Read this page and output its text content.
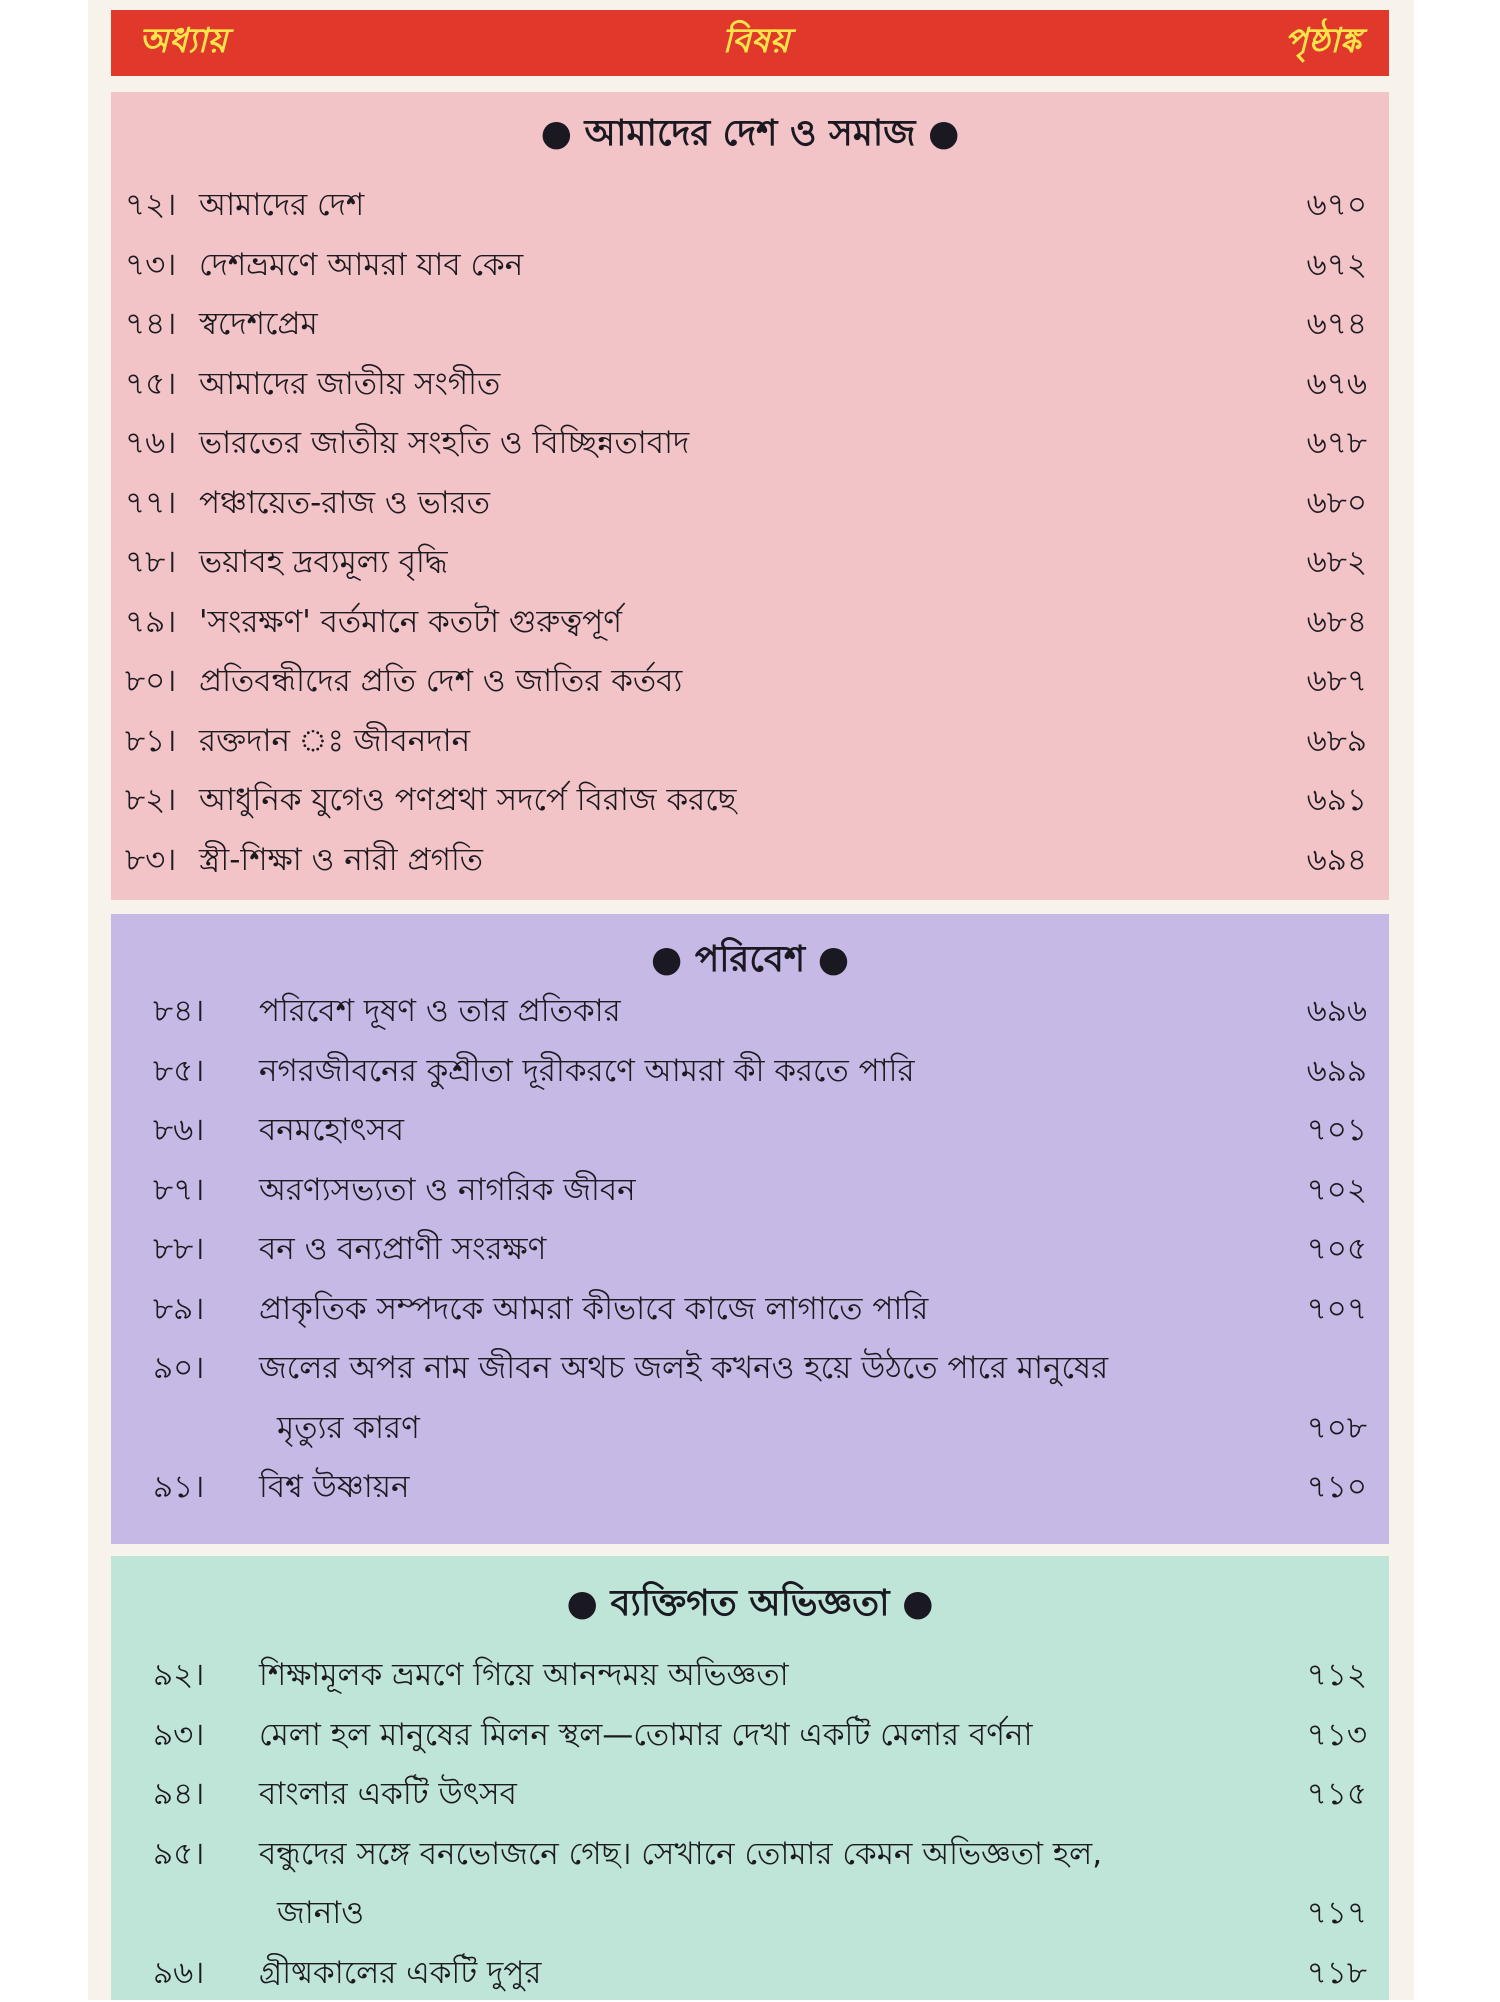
অধ্যায়	বিষয়	পৃষ্ঠাঙ্ক
● আমাদের দেশ ও সমাজ ●
৭২। আমাদের দেশ	৬৭০
৭৩। দেশভ্রমণে আমরা যাব কেন	৬৭২
৭৪। স্বদেশপ্রেম	৬৭৪
৭৫। আমাদের জাতীয় সংগীত	৬৭৬
৭৬। ভারতের জাতীয় সংহতি ও বিচ্ছিন্নতাবাদ	৬৭৮
৭৭। পঞ্চায়েত-রাজ ও ভারত	৬৮০
৭৮। ভয়াবহ দ্রব্যমূল্য বৃদ্ধি	৬৮২
৭৯। 'সংরক্ষণ' বর্তমানে কতটা গুরুত্বপূর্ণ	৬৮৪
৮০। প্রতিবন্ধীদের প্রতি দেশ ও জাতির কর্তব্য	৬৮৭
৮১। রক্তদান ঃ জীবনদান	৬৮৯
৮২। আধুনিক যুগেও পণপ্রথা সদর্পে বিরাজ করছে	৬৯১
৮৩। স্ত্রী-শিক্ষা ও নারী প্রগতি	৬৯৪
● পরিবেশ ●
৮৪। পরিবেশ দূষণ ও তার প্রতিকার	৬৯৬
৮৫। নগরজীবনের কুশ্রীতা দূরীকরণে আমরা কী করতে পারি	৬৯৯
৮৬। বনমহোৎসব	৭০১
৮৭। অরণ্যসভ্যতা ও নাগরিক জীবন	৭০২
৮৮। বন ও বন্যপ্রাণী সংরক্ষণ	৭০৫
৮৯। প্রাকৃতিক সম্পদকে আমরা কীভাবে কাজে লাগাতে পারি	৭০৭
৯০। জলের অপর নাম জীবন অথচ জলই কখনও হয়ে উঠতে পারে মানুষের
মৃত্যুর কারণ	৭০৮
৯১। বিশ্ব উষ্ণায়ন	৭১০
● ব্যক্তিগত অভিজ্ঞতা ●
৯২। শিক্ষামূলক ভ্রমণে গিয়ে আনন্দময় অভিজ্ঞতা	৭১২
৯৩। মেলা হল মানুষের মিলন স্থল—তোমার দেখা একটি মেলার বর্ণনা	৭১৩
৯৪। বাংলার একটি উৎসব	৭১৫
৯৫। বন্ধুদের সঙ্গে বনভোজনে গেছ। সেখানে তোমার কেমন অভিজ্ঞতা হল,
জানাও	৭১৭
৯৬। গ্রীষ্মকালের একটি দুপুর	৭১৮
